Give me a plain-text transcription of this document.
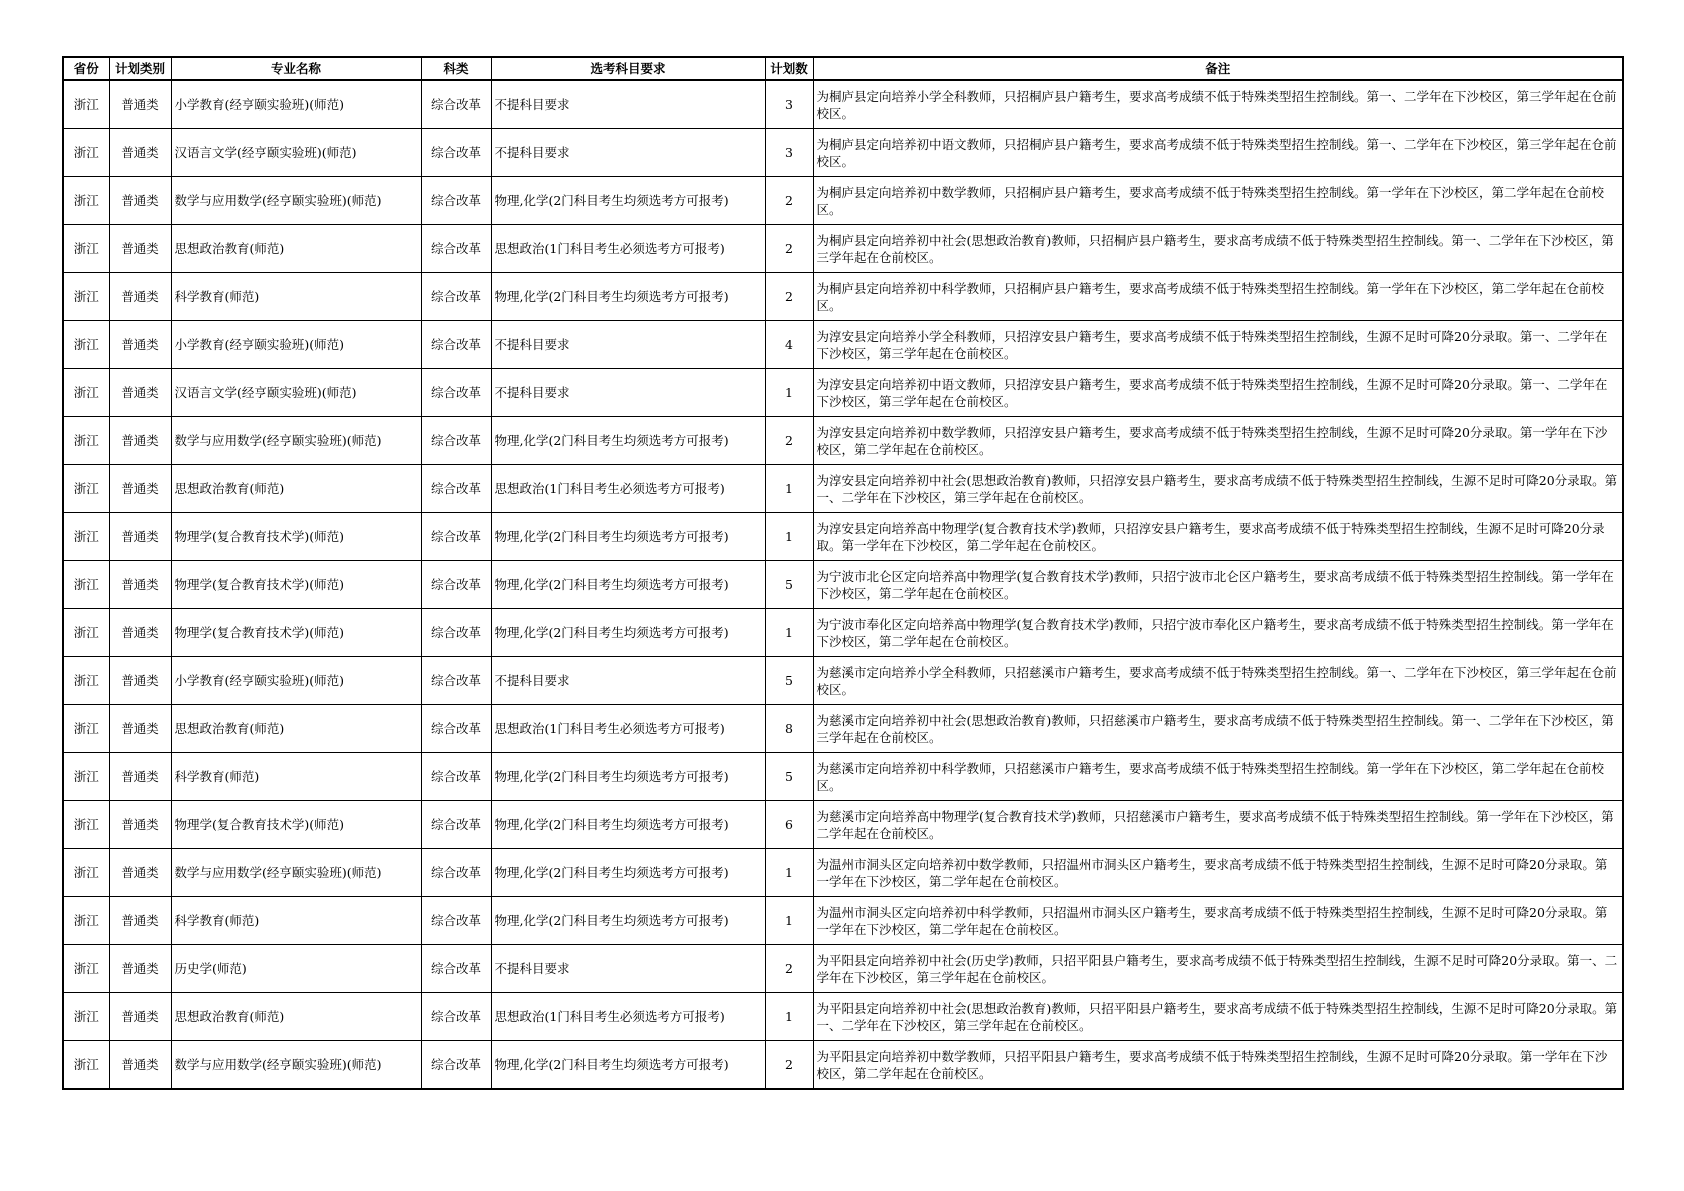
省份	计划类别	专业名称	科类	选考科目要求	计划数	备注
浙江	普通类	小学教育(经亨颐实验班)(师范)	综合改革	不提科目要求	3	为桐庐县定向培养小学全科教师，只招桐庐县户籍考生，要求高考成绩不低于特殊类型招生控制线。第一、二学年在下沙校区，第三学年起在仓前校区。
浙江	普通类	汉语言文学(经亨颐实验班)(师范)	综合改革	不提科目要求	3	为桐庐县定向培养初中语文教师，只招桐庐县户籍考生，要求高考成绩不低于特殊类型招生控制线。第一、二学年在下沙校区，第三学年起在仓前校区。
浙江	普通类	数学与应用数学(经亨颐实验班)(师范)	综合改革	物理,化学(2门科目考生均须选考方可报考)	2	为桐庐县定向培养初中数学教师，只招桐庐县户籍考生，要求高考成绩不低于特殊类型招生控制线。第一学年在下沙校区，第二学年起在仓前校区。
浙江	普通类	思想政治教育(师范)	综合改革	思想政治(1门科目考生必须选考方可报考)	2	为桐庐县定向培养初中社会(思想政治教育)教师，只招桐庐县户籍考生，要求高考成绩不低于特殊类型招生控制线。第一、二学年在下沙校区，第三学年起在仓前校区。
浙江	普通类	科学教育(师范)	综合改革	物理,化学(2门科目考生均须选考方可报考)	2	为桐庐县定向培养初中科学教师，只招桐庐县户籍考生，要求高考成绩不低于特殊类型招生控制线。第一学年在下沙校区，第二学年起在仓前校区。
浙江	普通类	小学教育(经亨颐实验班)(师范)	综合改革	不提科目要求	4	为淳安县定向培养小学全科教师，只招淳安县户籍考生，要求高考成绩不低于特殊类型招生控制线，生源不足时可降20分录取。第一、二学年在下沙校区，第三学年起在仓前校区。
浙江	普通类	汉语言文学(经亨颐实验班)(师范)	综合改革	不提科目要求	1	为淳安县定向培养初中语文教师，只招淳安县户籍考生，要求高考成绩不低于特殊类型招生控制线，生源不足时可降20分录取。第一、二学年在下沙校区，第三学年起在仓前校区。
浙江	普通类	数学与应用数学(经亨颐实验班)(师范)	综合改革	物理,化学(2门科目考生均须选考方可报考)	2	为淳安县定向培养初中数学教师，只招淳安县户籍考生，要求高考成绩不低于特殊类型招生控制线，生源不足时可降20分录取。第一学年在下沙校区，第二学年起在仓前校区。
浙江	普通类	思想政治教育(师范)	综合改革	思想政治(1门科目考生必须选考方可报考)	1	为淳安县定向培养初中社会(思想政治教育)教师，只招淳安县户籍考生，要求高考成绩不低于特殊类型招生控制线，生源不足时可降20分录取。第一、二学年在下沙校区，第三学年起在仓前校区。
浙江	普通类	物理学(复合教育技术学)(师范)	综合改革	物理,化学(2门科目考生均须选考方可报考)	1	为淳安县定向培养高中物理学(复合教育技术学)教师，只招淳安县户籍考生，要求高考成绩不低于特殊类型招生控制线，生源不足时可降20分录取。第一学年在下沙校区，第二学年起在仓前校区。
浙江	普通类	物理学(复合教育技术学)(师范)	综合改革	物理,化学(2门科目考生均须选考方可报考)	5	为宁波市北仑区定向培养高中物理学(复合教育技术学)教师，只招宁波市北仑区户籍考生，要求高考成绩不低于特殊类型招生控制线。第一学年在下沙校区，第二学年起在仓前校区。
浙江	普通类	物理学(复合教育技术学)(师范)	综合改革	物理,化学(2门科目考生均须选考方可报考)	1	为宁波市奉化区定向培养高中物理学(复合教育技术学)教师，只招宁波市奉化区户籍考生，要求高考成绩不低于特殊类型招生控制线。第一学年在下沙校区，第二学年起在仓前校区。
浙江	普通类	小学教育(经亨颐实验班)(师范)	综合改革	不提科目要求	5	为慈溪市定向培养小学全科教师，只招慈溪市户籍考生，要求高考成绩不低于特殊类型招生控制线。第一、二学年在下沙校区，第三学年起在仓前校区。
浙江	普通类	思想政治教育(师范)	综合改革	思想政治(1门科目考生必须选考方可报考)	8	为慈溪市定向培养初中社会(思想政治教育)教师，只招慈溪市户籍考生，要求高考成绩不低于特殊类型招生控制线。第一、二学年在下沙校区，第三学年起在仓前校区。
浙江	普通类	科学教育(师范)	综合改革	物理,化学(2门科目考生均须选考方可报考)	5	为慈溪市定向培养初中科学教师，只招慈溪市户籍考生，要求高考成绩不低于特殊类型招生控制线。第一学年在下沙校区，第二学年起在仓前校区。
浙江	普通类	物理学(复合教育技术学)(师范)	综合改革	物理,化学(2门科目考生均须选考方可报考)	6	为慈溪市定向培养高中物理学(复合教育技术学)教师，只招慈溪市户籍考生，要求高考成绩不低于特殊类型招生控制线。第一学年在下沙校区，第二学年起在仓前校区。
浙江	普通类	数学与应用数学(经亨颐实验班)(师范)	综合改革	物理,化学(2门科目考生均须选考方可报考)	1	为温州市洞头区定向培养初中数学教师，只招温州市洞头区户籍考生，要求高考成绩不低于特殊类型招生控制线，生源不足时可降20分录取。第一学年在下沙校区，第二学年起在仓前校区。
浙江	普通类	科学教育(师范)	综合改革	物理,化学(2门科目考生均须选考方可报考)	1	为温州市洞头区定向培养初中科学教师，只招温州市洞头区户籍考生，要求高考成绩不低于特殊类型招生控制线，生源不足时可降20分录取。第一学年在下沙校区，第二学年起在仓前校区。
浙江	普通类	历史学(师范)	综合改革	不提科目要求	2	为平阳县定向培养初中社会(历史学)教师，只招平阳县户籍考生，要求高考成绩不低于特殊类型招生控制线，生源不足时可降20分录取。第一、二学年在下沙校区，第三学年起在仓前校区。
浙江	普通类	思想政治教育(师范)	综合改革	思想政治(1门科目考生必须选考方可报考)	1	为平阳县定向培养初中社会(思想政治教育)教师，只招平阳县户籍考生，要求高考成绩不低于特殊类型招生控制线，生源不足时可降20分录取。第一、二学年在下沙校区，第三学年起在仓前校区。
浙江	普通类	数学与应用数学(经亨颐实验班)(师范)	综合改革	物理,化学(2门科目考生均须选考方可报考)	2	为平阳县定向培养初中数学教师，只招平阳县户籍考生，要求高考成绩不低于特殊类型招生控制线，生源不足时可降20分录取。第一学年在下沙校区，第二学年起在仓前校区。
